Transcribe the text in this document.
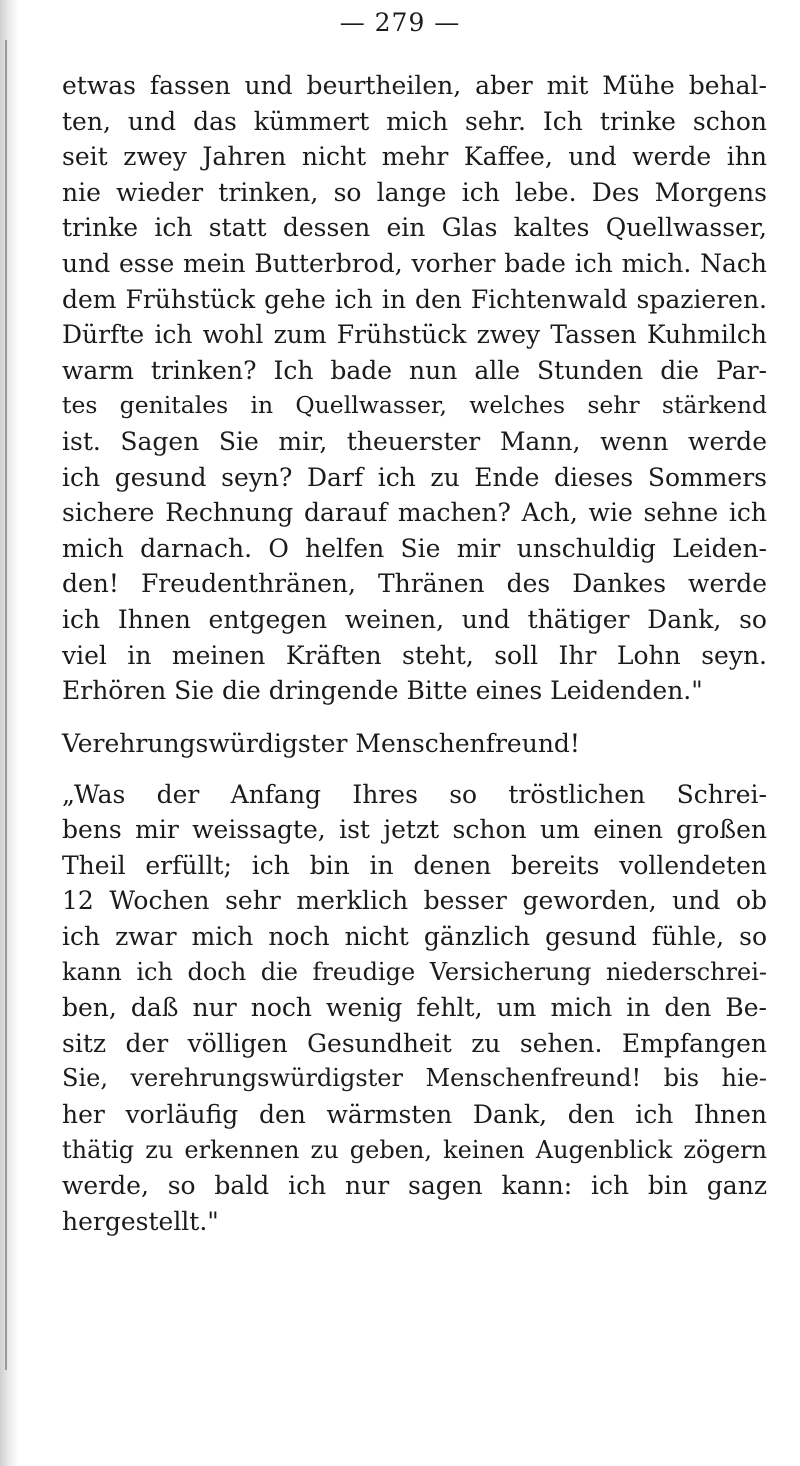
— 279 —
etwas fassen und beurtheilen, aber mit Mühe behal-
ten, und das kümmert mich sehr. Ich trinke schon
seit zwey Jahren nicht mehr Kaffee, und werde ihn
nie wieder trinken, so lange ich lebe. Des Morgens
trinke ich statt dessen ein Glas kaltes Quellwasser,
und esse mein Butterbrod, vorher bade ich mich. Nach
dem Frühstück gehe ich in den Fichtenwald spazieren.
Dürfte ich wohl zum Frühstück zwey Tassen Kuhmilch
warm trinken? Ich bade nun alle Stunden die Par-
tes genitales in Quellwasser, welches sehr stärkend
ist. Sagen Sie mir, theuerster Mann, wenn werde
ich gesund seyn? Darf ich zu Ende dieses Sommers
sichere Rechnung darauf machen? Ach, wie sehne ich
mich darnach. O helfen Sie mir unschuldig Leiden-
den! Freudenthränen, Thränen des Dankes werde
ich Ihnen entgegen weinen, und thätiger Dank, so
viel in meinen Kräften steht, soll Ihr Lohn seyn.
Erhören Sie die dringende Bitte eines Leidenden."
Verehrungswürdigster Menschenfreund!
„Was der Anfang Ihres so tröstlichen Schrei-
bens mir weissagte, ist jetzt schon um einen großen
Theil erfüllt; ich bin in denen bereits vollendeten
12 Wochen sehr merklich besser geworden, und ob
ich zwar mich noch nicht gänzlich gesund fühle, so
kann ich doch die freudige Versicherung niederschrei-
ben, daß nur noch wenig fehlt, um mich in den Be-
sitz der völligen Gesundheit zu sehen. Empfangen
Sie, verehrungswürdigster Menschenfreund! bis hie-
her vorläufig den wärmsten Dank, den ich Ihnen
thätig zu erkennen zu geben, keinen Augenblick zögern
werde, so bald ich nur sagen kann: ich bin ganz
hergestellt."
